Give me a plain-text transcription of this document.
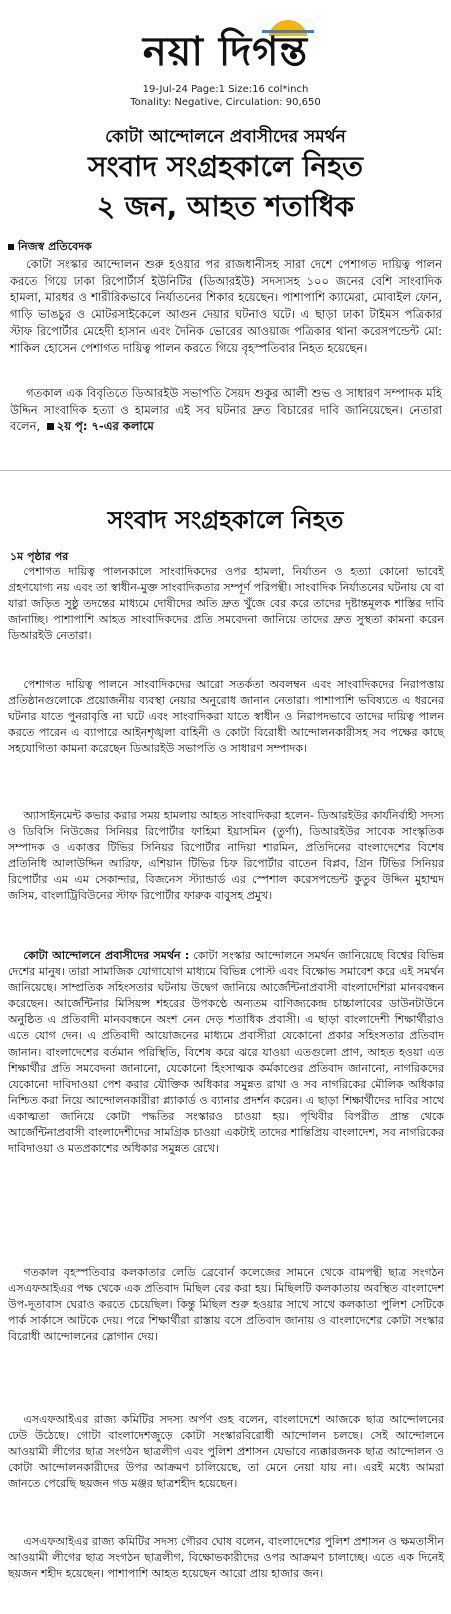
নয়া দিগন্ত
19-Jul-24 Page:1 Size:16 col*inch
Tonality: Negative, Circulation: 90,650
কোটা আন্দোলনে প্রবাসীদের সমর্থন
সংবাদ সংগ্রহকালে নিহত
২ জন, আহত শতাধিক
নিজস্ব প্রতিবেদক

কোটা সংস্কার আন্দোলন শুরু হওয়ার পর রাজধানীসহ সারা দেশে পেশাগত দায়িত্ব পালন করতে গিয়ে ঢাকা রিপোর্টার্স ইউনিটির (ডিআরইউ) সদস্যসহ ১০০ জনের বেশি সাংবাদিক হামলা, মারধর ও শারীরিকভাবে নির্যাতনের শিকার হয়েছেন। পাশাপাশি ক্যামেরা, মোবাইল ফোন, গাড়ি ভাঙচুর ও মোটরসাইকেলে আগুন দেয়ার ঘটনাও ঘটে। এ ছাড়া ঢাকা টাইমস পত্রিকার স্টাফ রিপোর্টার মেহেদী হাসান এবং দৈনিক ভোরের আওয়াজ পত্রিকার থানা করেসপন্ডেন্ট মো: শাকিল হোসেন পেশাগত দায়িত্ব পালন করতে গিয়ে বৃহস্পতিবার নিহত হয়েছেন।

গতকাল এক বিবৃতিতে ডিআরইউ সভাপতি সৈয়দ শুকুর আলী শুভ ও সাধারণ সম্পাদক মহি উদ্দিন সাংবাদিক হত্যা ও হামলার এই সব ঘটনার দ্রুত বিচারের দাবি জানিয়েছেন। নেতারা বলেন, ২য় পৃ: ৭-এর কলামে

সংবাদ সংগ্রহকালে নিহত
১ম পৃষ্ঠার পর

পেশাগত দায়িত্ব পালনকালে সাংবাদিকদের ওপর হামলা, নির্যাতন ও হত্যা কোনো ভাবেই গ্রহণযোগ্য নয় এবং তা স্বাধীন-মুক্ত সাংবাদিকতার সম্পূর্ণ পরিপন্থী। সাংবাদিক নির্যাতনের ঘটনায় যে বা যারা জড়িত সুষ্ঠু তদন্তের মাধ্যমে দোষীদের অতি দ্রুত খুঁজে বের করে তাদের দৃষ্টান্তমূলক শাস্তির দাবি জানাচ্ছি। পাশাপাশি আহত সাংবাদিকদের প্রতি সমবেদনা জানিয়ে তাদের দ্রুত সুস্থতা কামনা করেন ডিআরইউ নেতারা।

পেশাগত দায়িত্ব পালনে সাংবাদিকদের আরো সতর্কতা অবলম্বন এবং সাংবাদিকদের নিরাপত্তায় প্রতিষ্ঠানগুলোকে প্রয়োজনীয় ব্যবস্থা নেয়ার অনুরোধ জানান নেতারা। পাশাপাশি ভবিষ্যতে এ ধরনের ঘটনার যাতে পুনরাবৃত্তি না ঘটে এবং সাংবাদিকরা যাতে স্বাধীন ও নিরাপদভাবে তাদের দায়িত্ব পালন করতে পারেন এ ব্যাপারে আইনশৃঙ্খলা বাহিনী ও কোটা বিরোধী আন্দোলনকারীসহ সব পক্ষের কাছে সহযোগিতা কামনা করেছেন ডিআরইউ সভাপতি ও সাধারণ সম্পাদক।

অ্যাসাইনমেন্ট কভার করার সময় হামলায় আহত সাংবাদিকরা হলেন- ডিআরইউর কার্যনির্বাহী সদস্য ও ডিবিসি নিউজের সিনিয়র রিপোর্টার ফাহিমা ইয়াসমিন (তুর্ণা), ডিআরইউর সাবেক সাংস্কৃতিক সম্পাদক ও একাত্তর টিভির সিনিয়র রিপোর্টার নাদিয়া শারমিন, প্রতিদিনের বাংলাদেশের বিশেষ প্রতিনিধি আলাউদ্দিন আরিফ, এশিয়ান টিভির চিফ রিপোর্টার বাতেন বিপ্লব, গ্রিন টিভির সিনিয়র রিপোর্টার এম এম সেকান্দার, বিজনেস স্ট্যান্ডার্ড এর স্পেশাল করেসপন্ডেন্ট কুতুব উদ্দিন মুহাম্মদ জসিম, বাংলাট্রিবিউনের স্টাফ রিপোর্টার ফারুক বাবুসহ প্রমুখ।

কোটা আন্দোলনে প্রবাসীদের সমর্থন : কোটা সংস্কার আন্দোলনে সমর্থন জানিয়েছে বিশ্বের বিভিন্ন দেশের মানুষ। তারা সামাজিক যোগাযোগ মাধ্যমে বিভিন্ন পোস্ট এবং বিক্ষোভ সমাবেশ করে এই সমর্থন জানিয়েছে। সাম্প্রতিক সহিংসতার ঘটনায় উদ্বেগ জানিয়ে আর্জেন্টিনাপ্রবাসী বাংলাদেশিরা মানববন্ধন করেছেন। আর্জেন্টিনার মিসিয়ন্স শহরের উপকণ্ঠে অন্যতম বাণিজ্যকেন্দ্র চাচ্চালাবের ডাউনটাউনে অনুষ্ঠিত এ প্রতিবাদী মানববন্ধনে অংশ নেন দেড় শতাধিক প্রবাসী। এ ছাড়া বাংলাদেশী শিক্ষার্থীরাও এতে যোগ দেন। এ প্রতিবাদী আয়োজনের মাধ্যমে প্রবাসীরা যেকোনো প্রকার সহিংসতার প্রতিবাদ জানান। বাংলাদেশের বর্তমান পরিস্থিতি, বিশেষ করে ঝরে যাওয়া এতগুলো প্রাণ, আহত হওয়া এত শিক্ষার্থীর প্রতি সমবেদনা জানানো, যেকোনো হিংসাত্মক কর্মকাণ্ডের প্রতিবাদ জানানো, নাগরিকদের যেকোনো দাবিদাওয়া পেশ করার যৌক্তিক অধিকার সমুন্নত রাখা ও সব নাগরিকের মৌলিক অধিকার নিশ্চিত করা নিয়ে আন্দোলনকারীরা প্ল্যাকার্ড ও ব্যানার প্রদর্শন করেন। এ ছাড়া শিক্ষার্থীদের দাবির সাথে একাত্মতা জানিয়ে কোটা পদ্ধতির সংস্কারও চাওয়া হয়। পৃথিবীর বিপরীত প্রান্ত থেকে আর্জেন্টিনাপ্রবাসী বাংলাদেশীদের সামগ্রিক চাওয়া একটাই তাদের শান্তিপ্রিয় বাংলাদেশ, সব নাগরিকের দাবিদাওয়া ও মতপ্রকাশের অধিকার সমুন্নত রেখে।

গতকাল বৃহস্পতিবার কলকাতার লেডি ব্রেবোর্ন কলেজের সামনে থেকে বামপন্থী ছাত্র সংগঠন এসএফআইএর পক্ষ থেকে এক প্রতিবাদ মিছিল বের করা হয়। মিছিলটি কলকাতায় অবস্থিত বাংলাদেশ উপ-দূতাবাস ঘেরাও করতে চেয়েছিল। কিন্তু মিছিল শুরু হওয়ার সাথে সাথে কলকাতা পুলিশ সেটিকে পার্ক সার্কাসে আটকে দেয়। পরে শিক্ষার্থীরা রাস্তায় বসে প্রতিবাদ জানায় ও বাংলাদেশের কোটা সংস্কার বিরোধী আন্দোলনের স্লোগান দেয়।

এসএফআইএর রাজ্য কমিটির সদস্য অর্পণ গুহ বলেন, বাংলাদেশে আজকে ছাত্র আন্দোলনের ঢেউ উঠেছে। গোটা বাংলাদেশজুড়ে কোটা সংস্কারবিরোধী আন্দোলন চলছে। সেই আন্দোলনে আওয়ামী লীগের ছাত্র সংগঠন ছাত্রলীগ এবং পুলিশ প্রশাসন যেভাবে ন্যক্কারজনক ছাত্র আন্দোলন ও কোটা আন্দোলনকারীদের উপর আক্রমণ চালিয়েছে, তা মেনে নেয়া যায় না। এরই মধ্যে আমরা জানতে পেরেছি ছয়জন গড মঞ্জর ছাত্রশহীদ হয়েছেন।

এসএফআইএর রাজ্য কমিটির সদস্য গৌরব ঘোষ বলেন, বাংলাদেশের পুলিশ প্রশাসন ও ক্ষমতাসীন আওয়ামী লীগের ছাত্র সংগঠন ছাত্রলীগ, বিক্ষোভকারীদের ওপর আক্রমণ চালাচ্ছে। এতে এক দিনেই ছয়জন শহীদ হয়েছেন। পাশাপাশি আহত হয়েছেন আরো প্রায় হাজার জন।
